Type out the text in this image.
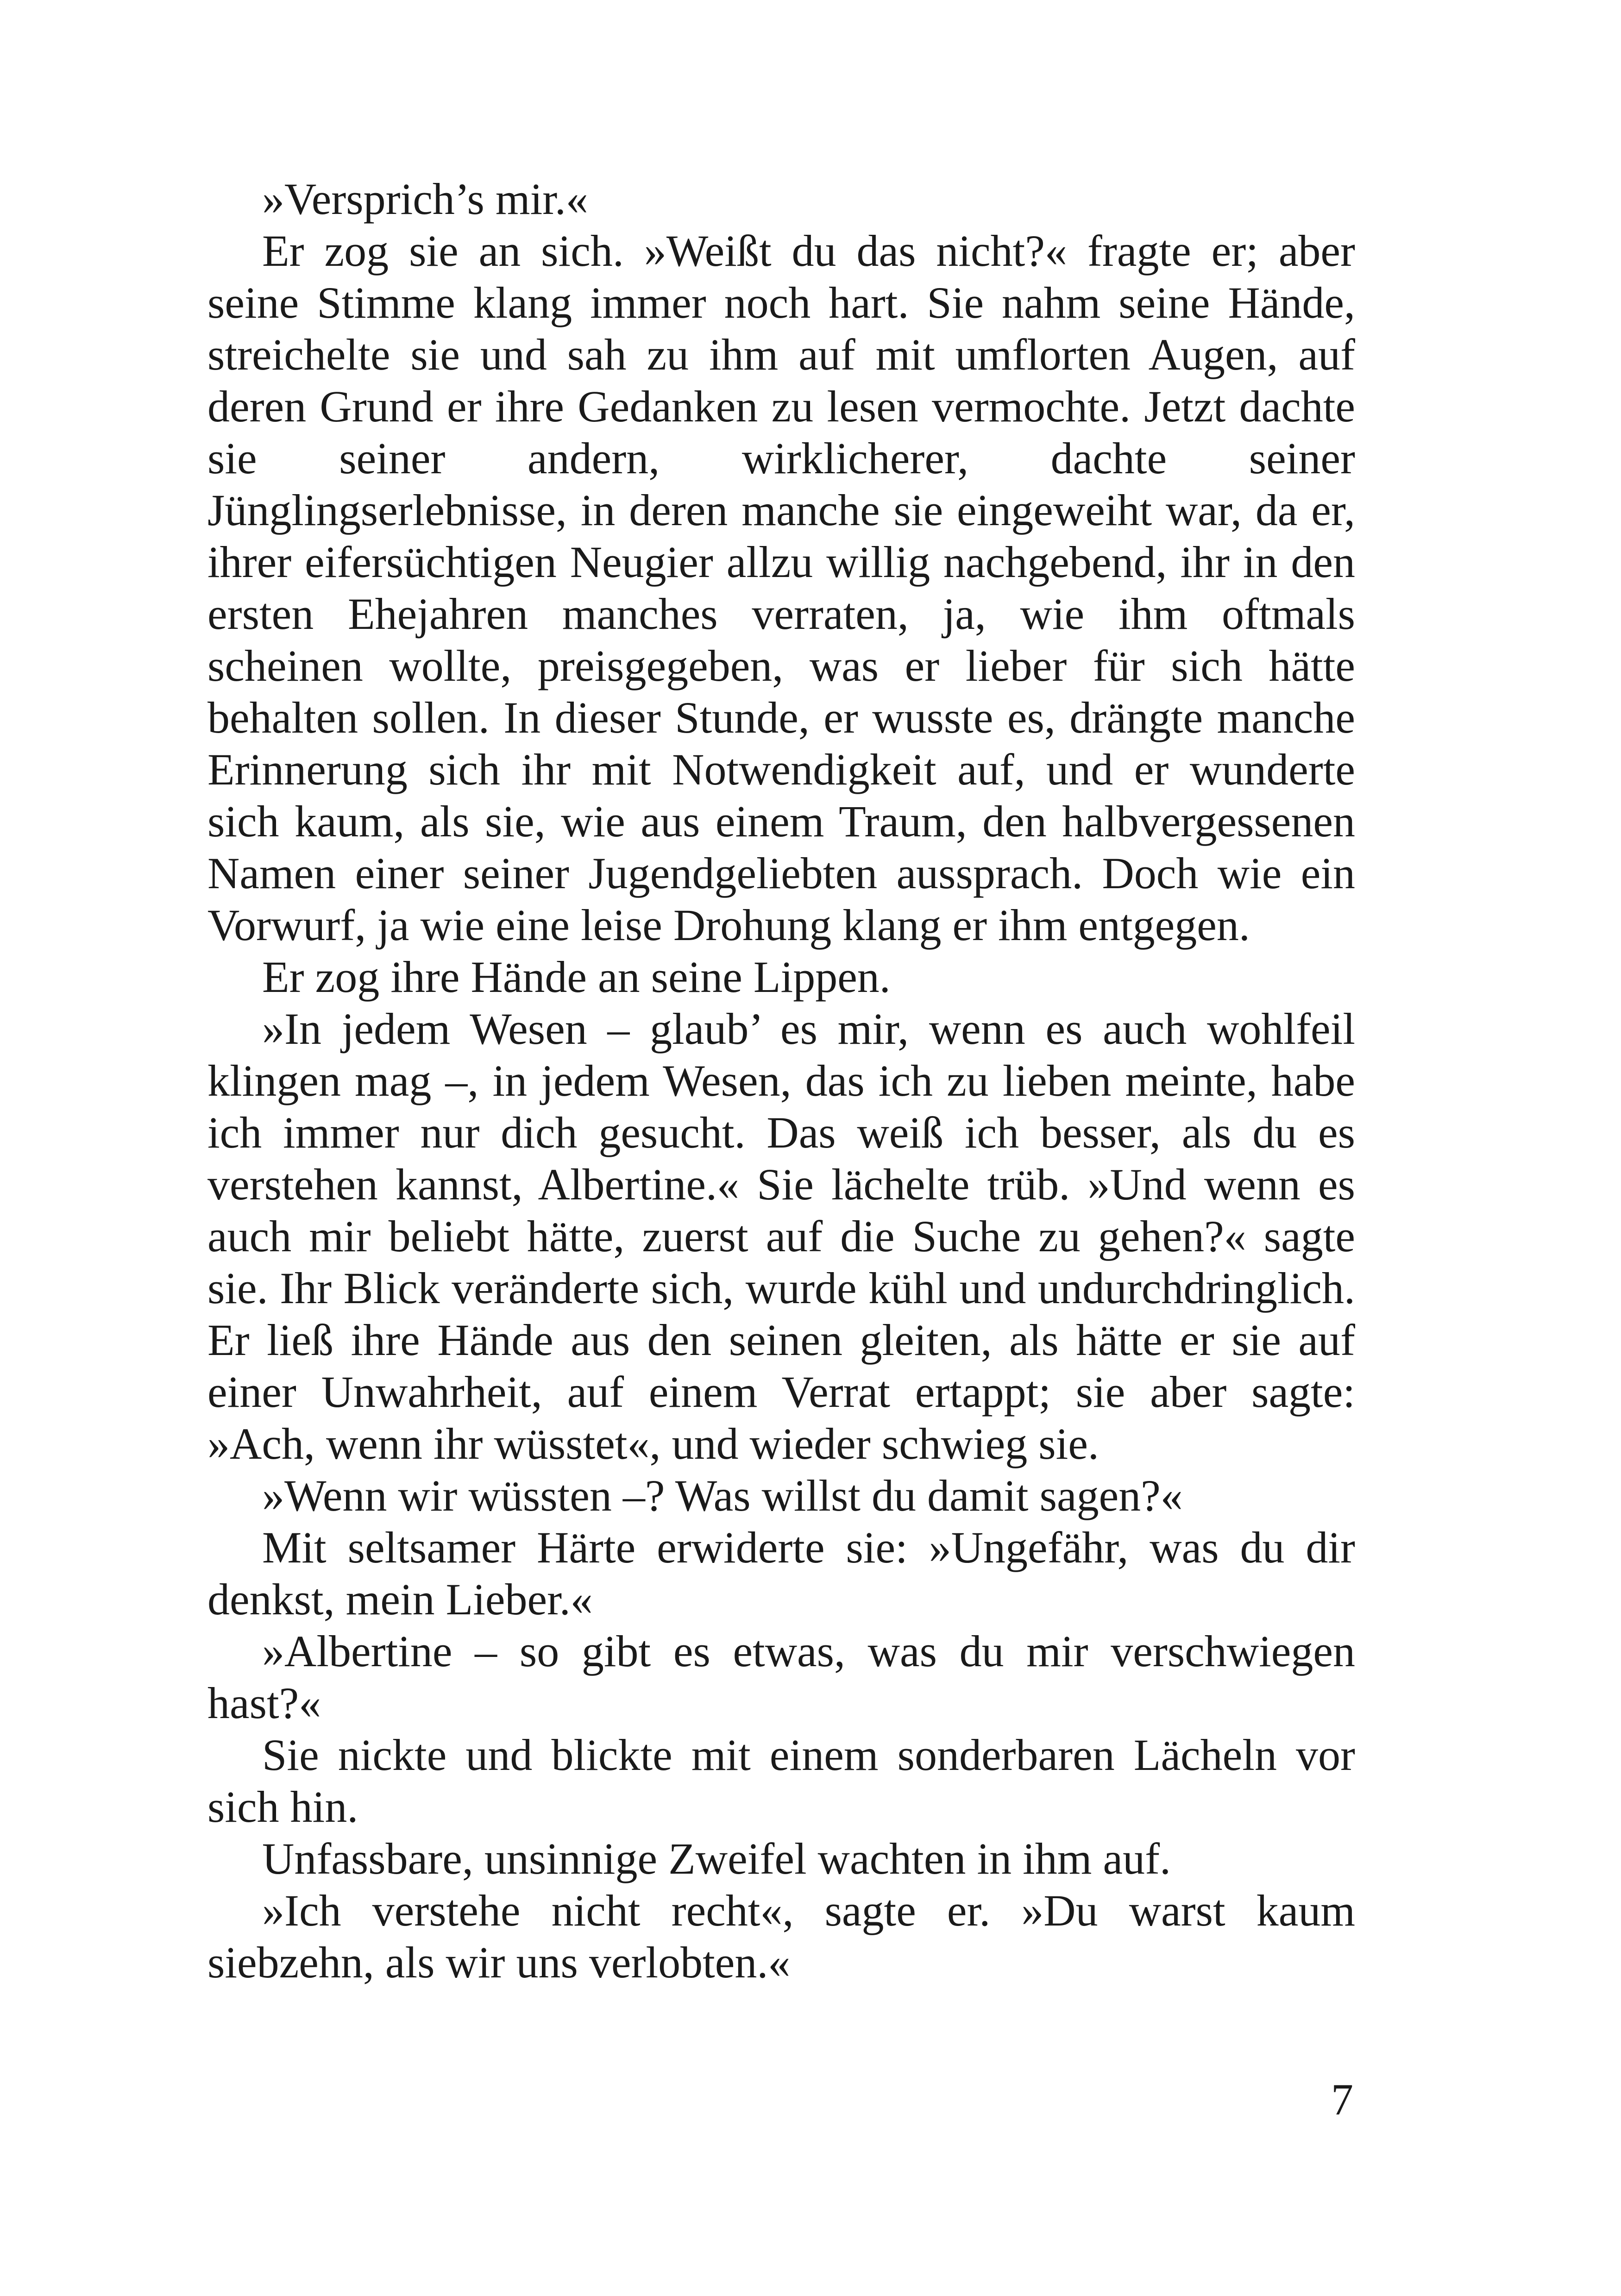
»Versprich’s mir.«

Er zog sie an sich. »Weißt du das nicht?« fragte er; aber seine Stimme klang immer noch hart. Sie nahm seine Hände, streichelte sie und sah zu ihm auf mit umflorten Augen, auf deren Grund er ihre Gedanken zu lesen vermochte. Jetzt dachte sie seiner andern, wirklicherer, dachte seiner Jünglingserlebnisse, in deren manche sie eingeweiht war, da er, ihrer eifersüchtigen Neugier allzu willig nachgebend, ihr in den ersten Ehejahren manches verraten, ja, wie ihm oftmals scheinen wollte, preisgegeben, was er lieber für sich hätte behalten sollen. In dieser Stunde, er wusste es, drängte manche Erinnerung sich ihr mit Notwendigkeit auf, und er wunderte sich kaum, als sie, wie aus einem Traum, den halbvergessenen Namen einer seiner Jugendgeliebten aussprach. Doch wie ein Vorwurf, ja wie eine leise Drohung klang er ihm entgegen.

Er zog ihre Hände an seine Lippen.

»In jedem Wesen – glaub’ es mir, wenn es auch wohlfeil klingen mag –, in jedem Wesen, das ich zu lieben meinte, habe ich immer nur dich gesucht. Das weiß ich besser, als du es verstehen kannst, Albertine.« Sie lächelte trüb. »Und wenn es auch mir beliebt hätte, zuerst auf die Suche zu gehen?« sagte sie. Ihr Blick veränderte sich, wurde kühl und undurchdringlich. Er ließ ihre Hände aus den seinen gleiten, als hätte er sie auf einer Unwahrheit, auf einem Verrat ertappt; sie aber sagte: »Ach, wenn ihr wüsstet«, und wieder schwieg sie.

»Wenn wir wüssten –? Was willst du damit sagen?«

Mit seltsamer Härte erwiderte sie: »Ungefähr, was du dir denkst, mein Lieber.«

»Albertine – so gibt es etwas, was du mir verschwiegen hast?«

Sie nickte und blickte mit einem sonderbaren Lächeln vor sich hin.

Unfassbare, unsinnige Zweifel wachten in ihm auf.

»Ich verstehe nicht recht«, sagte er. »Du warst kaum siebzehn, als wir uns verlobten.«

7
